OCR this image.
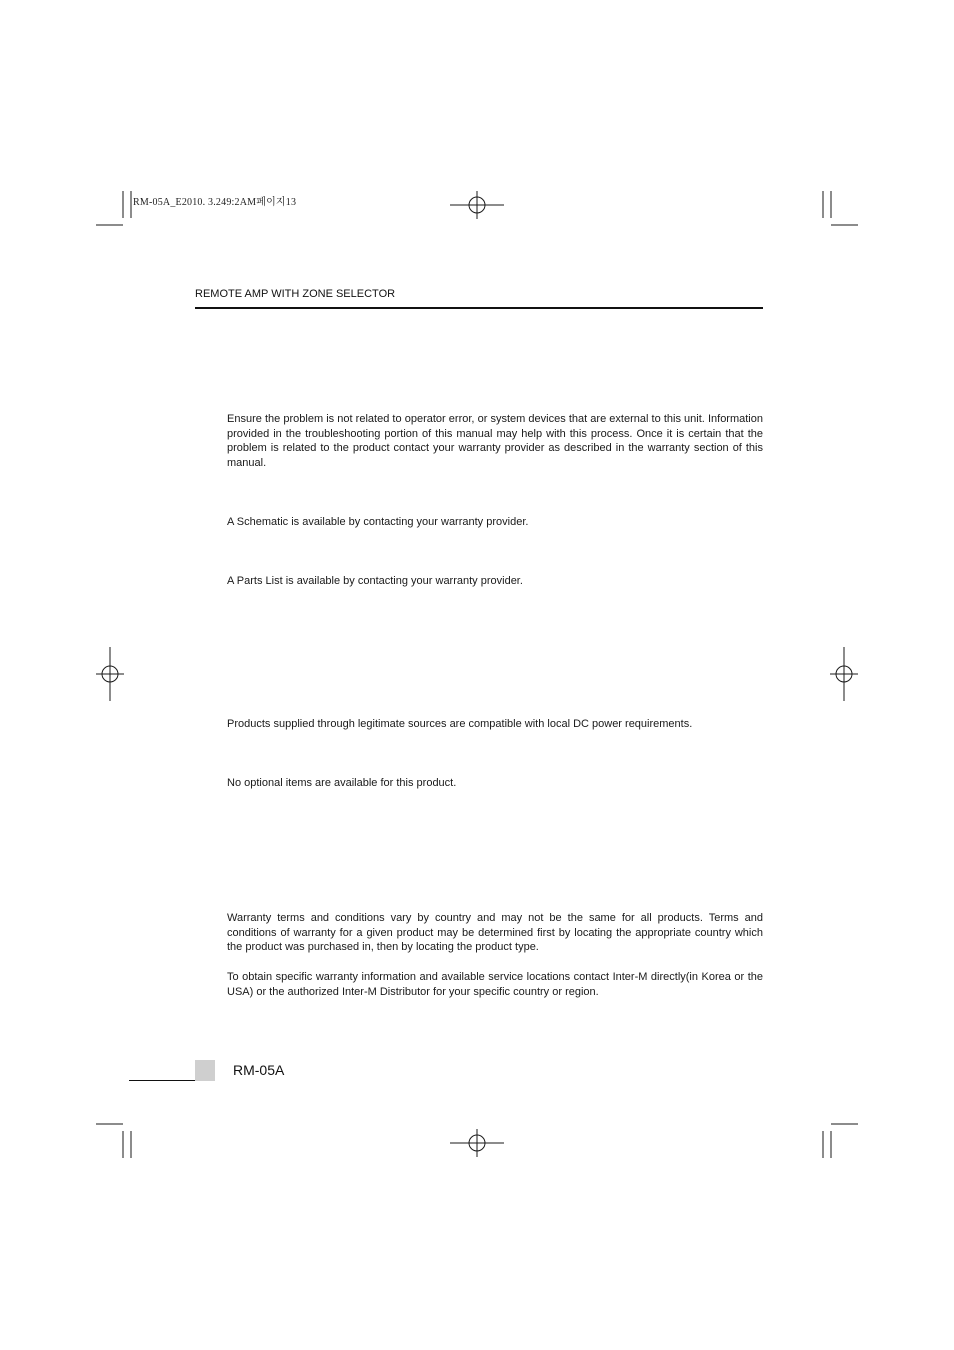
RM-05A_E2010. 3.249:2AM페이지13
REMOTE AMP WITH ZONE SELECTOR

Ensure the problem is not related to operator error, or system devices that are external to this unit. Information provided in the troubleshooting portion of this manual may help with this process. Once it is certain that the problem is related to the product contact your warranty provider as described in the warranty section of this manual.

A Schematic is available by contacting your warranty provider.

A Parts List is available by contacting your warranty provider.

Products supplied through legitimate sources are compatible with local DC power requirements.

No optional items are available for this product.

Warranty terms and conditions vary by country and may not be the same for all products. Terms and conditions of warranty for a given product may be determined first by locating the appropriate country which the product was purchased in, then by locating the product type.

To obtain specific warranty information and available service locations contact Inter-M directly(in Korea or the USA) or the authorized Inter-M Distributor for your specific country or region.

RM-05A
